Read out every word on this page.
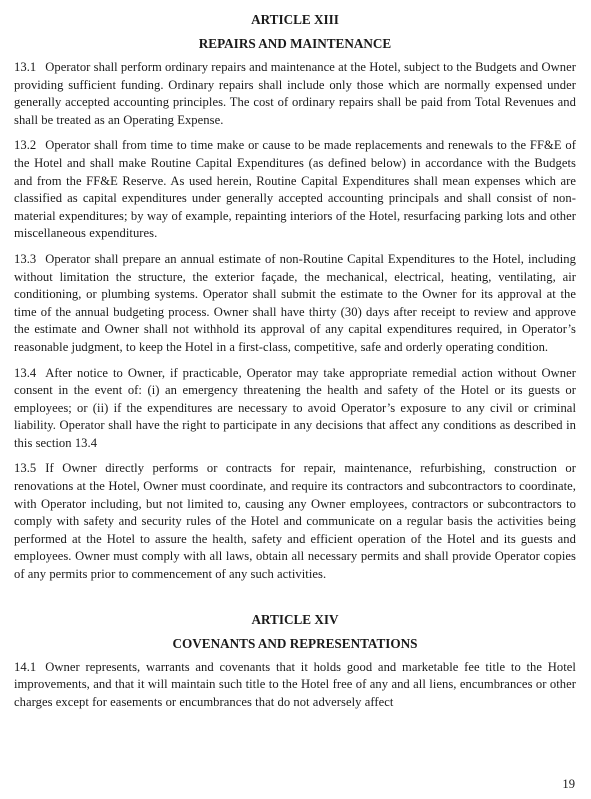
ARTICLE XIII
REPAIRS AND MAINTENANCE

13.1 Operator shall perform ordinary repairs and maintenance at the Hotel, subject to the Budgets and Owner providing sufficient funding. Ordinary repairs shall include only those which are normally expensed under generally accepted accounting principles. The cost of ordinary repairs shall be paid from Total Revenues and shall be treated as an Operating Expense.

13.2 Operator shall from time to time make or cause to be made replacements and renewals to the FF&E of the Hotel and shall make Routine Capital Expenditures (as defined below) in accordance with the Budgets and from the FF&E Reserve. As used herein, Routine Capital Expenditures shall mean expenses which are classified as capital expenditures under generally accepted accounting principals and shall consist of non-material expenditures; by way of example, repainting interiors of the Hotel, resurfacing parking lots and other miscellaneous expenditures.

13.3 Operator shall prepare an annual estimate of non-Routine Capital Expenditures to the Hotel, including without limitation the structure, the exterior façade, the mechanical, electrical, heating, ventilating, air conditioning, or plumbing systems. Operator shall submit the estimate to the Owner for its approval at the time of the annual budgeting process. Owner shall have thirty (30) days after receipt to review and approve the estimate and Owner shall not withhold its approval of any capital expenditures required, in Operator’s reasonable judgment, to keep the Hotel in a first-class, competitive, safe and orderly operating condition.

13.4 After notice to Owner, if practicable, Operator may take appropriate remedial action without Owner consent in the event of: (i) an emergency threatening the health and safety of the Hotel or its guests or employees; or (ii) if the expenditures are necessary to avoid Operator’s exposure to any civil or criminal liability. Operator shall have the right to participate in any decisions that affect any conditions as described in this section 13.4

13.5 If Owner directly performs or contracts for repair, maintenance, refurbishing, construction or renovations at the Hotel, Owner must coordinate, and require its contractors and subcontractors to coordinate, with Operator including, but not limited to, causing any Owner employees, contractors or subcontractors to comply with safety and security rules of the Hotel and communicate on a regular basis the activities being performed at the Hotel to assure the health, safety and efficient operation of the Hotel and its guests and employees. Owner must comply with all laws, obtain all necessary permits and shall provide Operator copies of any permits prior to commencement of any such activities.

ARTICLE XIV
COVENANTS AND REPRESENTATIONS

14.1 Owner represents, warrants and covenants that it holds good and marketable fee title to the Hotel improvements, and that it will maintain such title to the Hotel free of any and all liens, encumbrances or other charges except for easements or encumbrances that do not adversely affect

19
